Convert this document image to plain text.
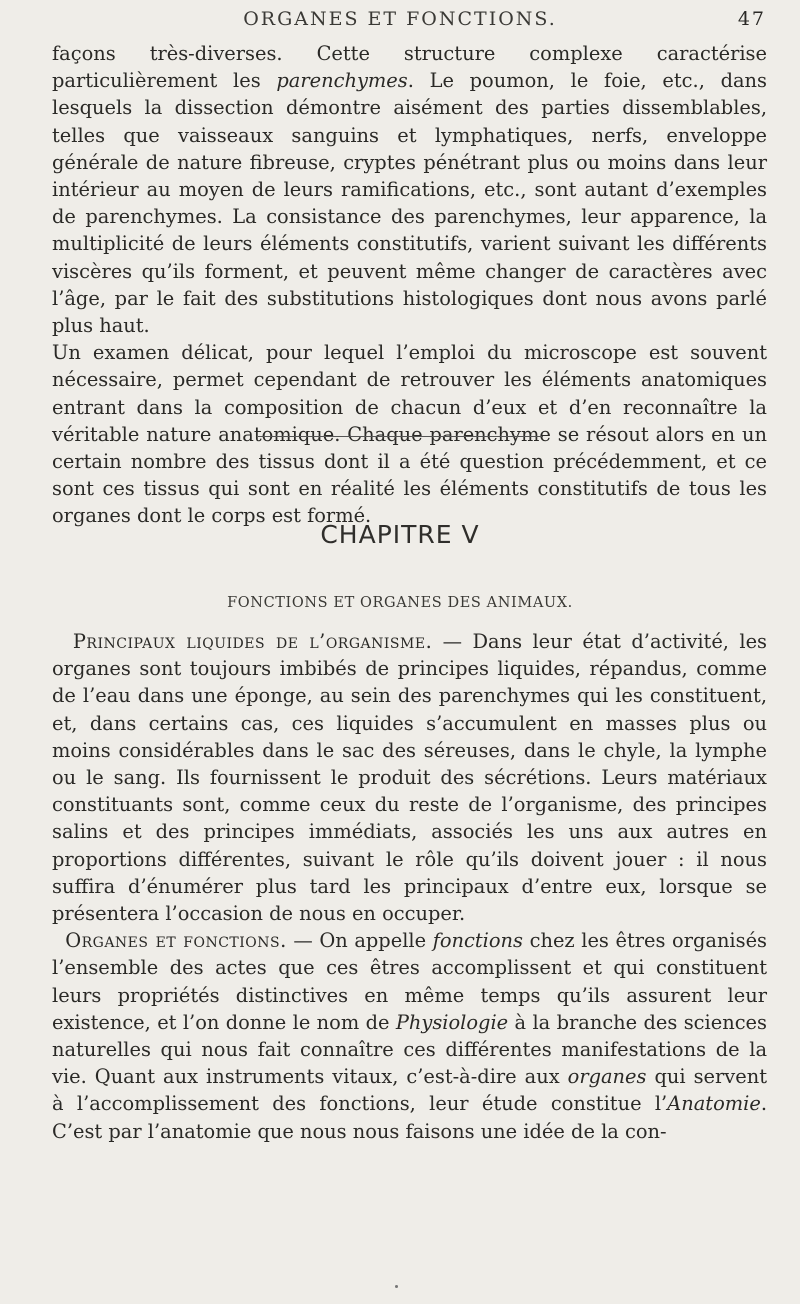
ORGANES ET FONCTIONS.	47

façons très-diverses. Cette structure complexe caractérise particulièrement les parenchymes. Le poumon, le foie, etc., dans lesquels la dissection démontre aisément des parties dissemblables, telles que vaisseaux sanguins et lymphatiques, nerfs, enveloppe générale de nature fibreuse, cryptes pénétrant plus ou moins dans leur intérieur au moyen de leurs ramifications, etc., sont autant d’exemples de parenchymes. La consistance des parenchymes, leur apparence, la multiplicité de leurs éléments constitutifs, varient suivant les différents viscères qu’ils forment, et peuvent même changer de caractères avec l’âge, par le fait des substitutions histologiques dont nous avons parlé plus haut.

Un examen délicat, pour lequel l’emploi du microscope est souvent nécessaire, permet cependant de retrouver les éléments anatomiques entrant dans la composition de chacun d’eux et d’en reconnaître la véritable nature anatomique. Chaque parenchyme se résout alors en un certain nombre des tissus dont il a été question précédemment, et ce sont ces tissus qui sont en réalité les éléments constitutifs de tous les organes dont le corps est formé.

CHAPITRE V
FONCTIONS ET ORGANES DES ANIMAUX.

Principaux liquides de l’organisme. — Dans leur état d’activité, les organes sont toujours imbibés de principes liquides, répandus, comme de l’eau dans une éponge, au sein des parenchymes qui les constituent, et, dans certains cas, ces liquides s’accumulent en masses plus ou moins considérables dans le sac des séreuses, dans le chyle, la lymphe ou le sang. Ils fournissent le produit des sécrétions. Leurs matériaux constituants sont, comme ceux du reste de l’organisme, des principes salins et des principes immédiats, associés les uns aux autres en proportions différentes, suivant le rôle qu’ils doivent jouer : il nous suffira d’énumérer plus tard les principaux d’entre eux, lorsque se présentera l’occasion de nous en occuper.

Organes et fonctions. — On appelle fonctions chez les êtres organisés l’ensemble des actes que ces êtres accomplissent et qui constituent leurs propriétés distinctives en même temps qu’ils assurent leur existence, et l’on donne le nom de Physiologie à la branche des sciences naturelles qui nous fait connaître ces différentes manifestations de la vie. Quant aux instruments vitaux, c’est-à-dire aux organes qui servent à l’accomplissement des fonctions, leur étude constitue l’Anatomie. C’est par l’anatomie que nous nous faisons une idée de la con-
